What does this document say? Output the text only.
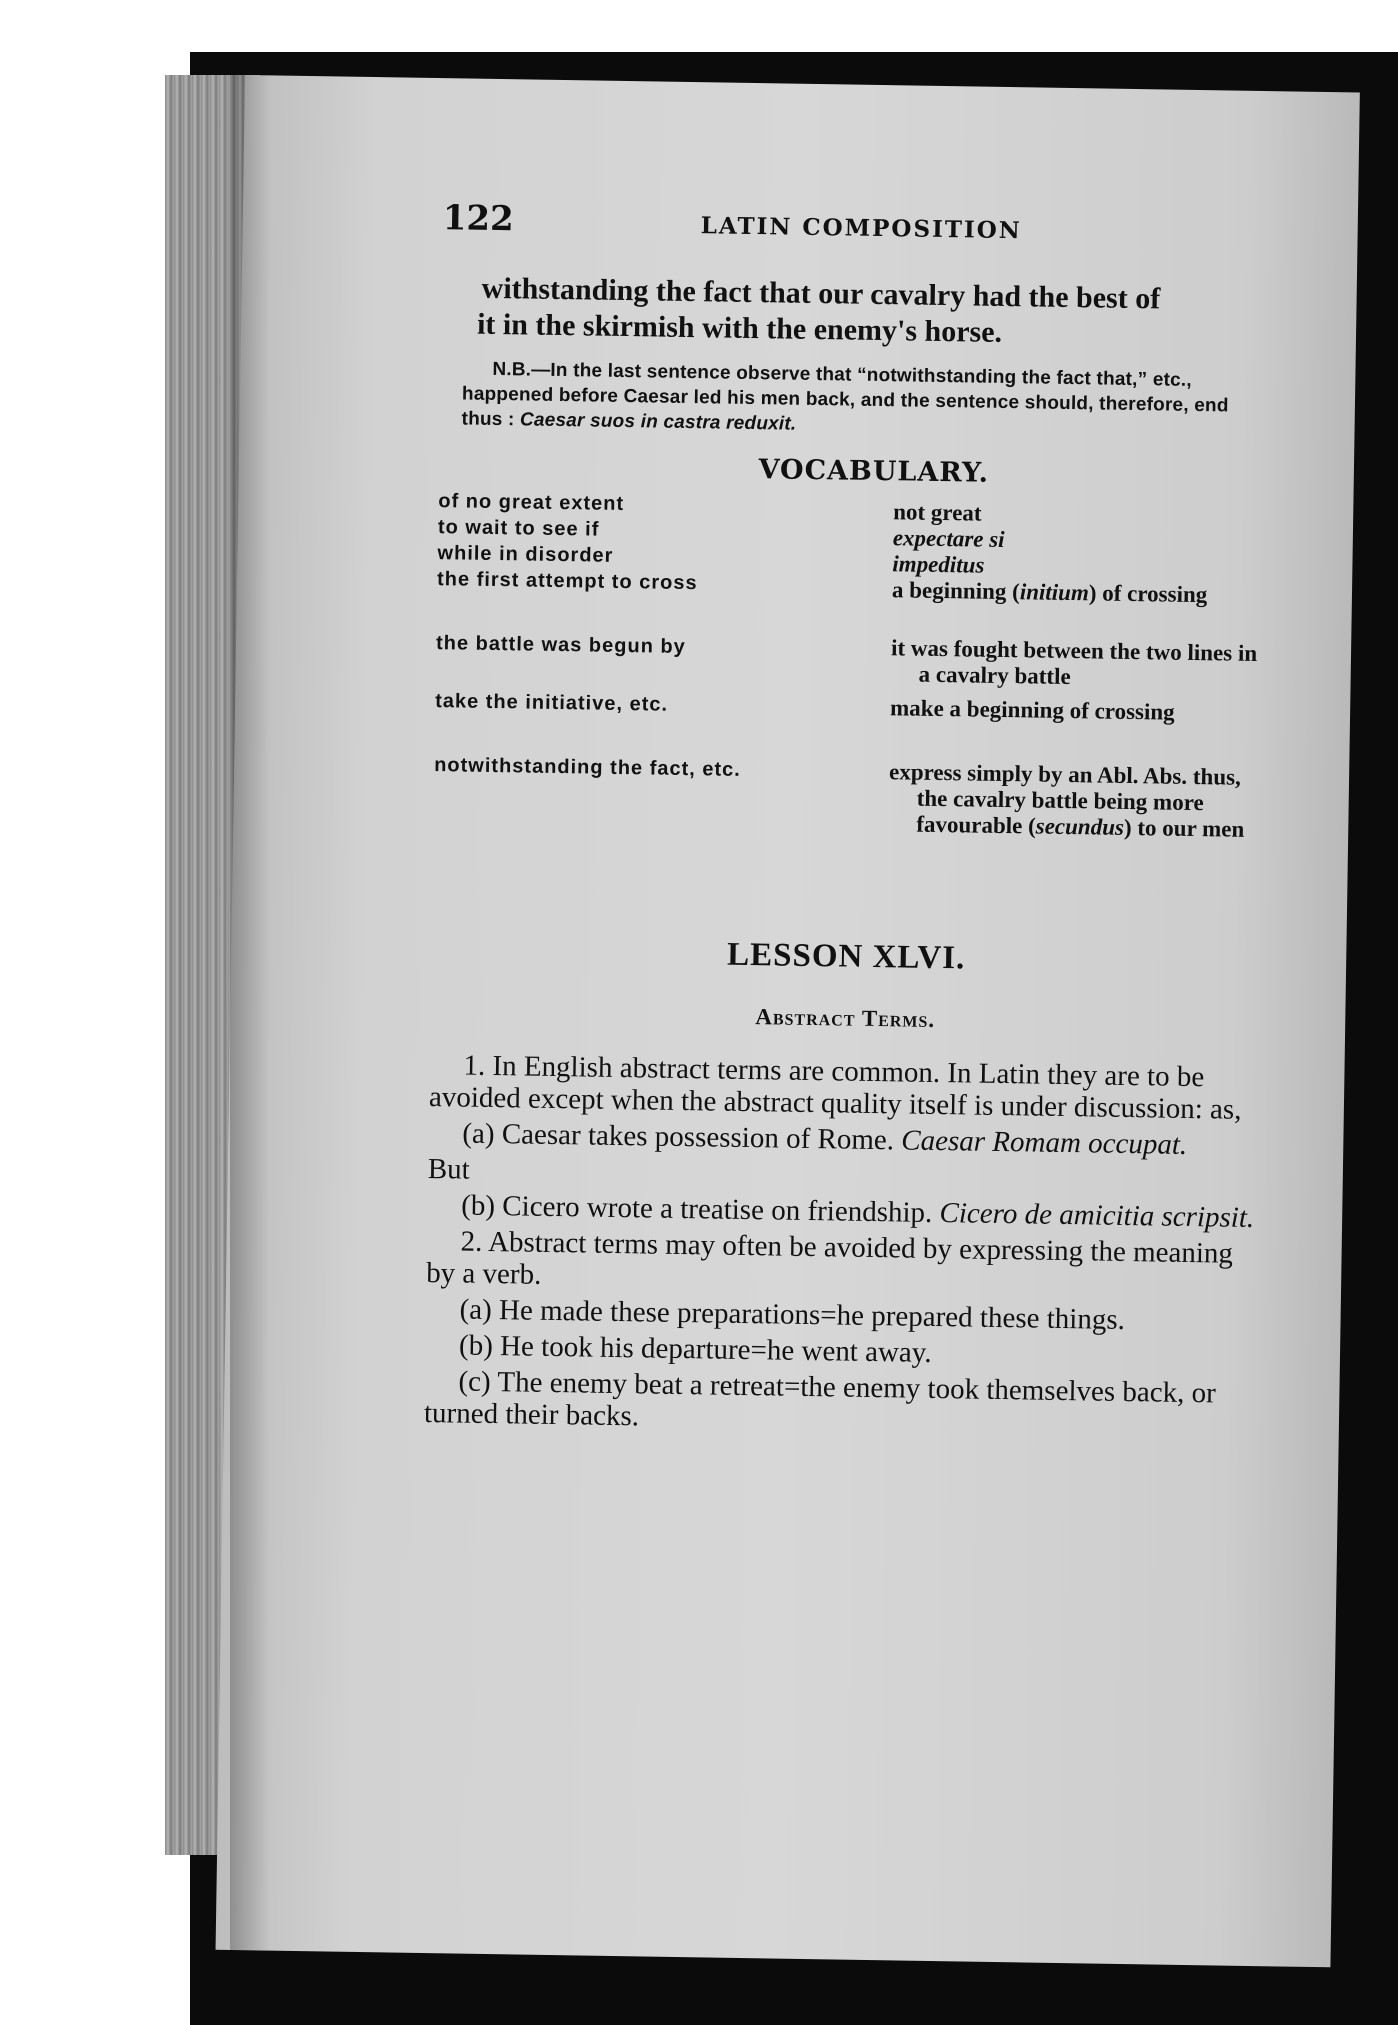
122	LATIN COMPOSITION
withstanding the fact that our cavalry had the best of
it in the skirmish with the enemy's horse.
N.B.—In the last sentence observe that “notwithstanding the fact that,” etc., happened before Caesar led his men back, and the sentence should, therefore, end thus : Caesar suos in castra reduxit.
VOCABULARY.
of no great extent	not great
to wait to see if	expectare si
while in disorder	impeditus
the first attempt to cross	a beginning (initium) of crossing
the battle was begun by	it was fought between the two lines in a cavalry battle
take the initiative, etc.	make a beginning of crossing
notwithstanding the fact, etc.	express simply by an Abl. Abs. thus, the cavalry battle being more favourable (secundus) to our men
LESSON XLVI.
Abstract Terms.

1. In English abstract terms are common. In Latin they are to be avoided except when the abstract quality itself is under discussion: as,

(a) Caesar takes possession of Rome. Caesar Romam occupat.

But

(b) Cicero wrote a treatise on friendship. Cicero de amicitia scripsit.

2. Abstract terms may often be avoided by expressing the meaning by a verb.

(a) He made these preparations=he prepared these things.

(b) He took his departure=he went away.

(c) The enemy beat a retreat=the enemy took themselves back, or turned their backs.
